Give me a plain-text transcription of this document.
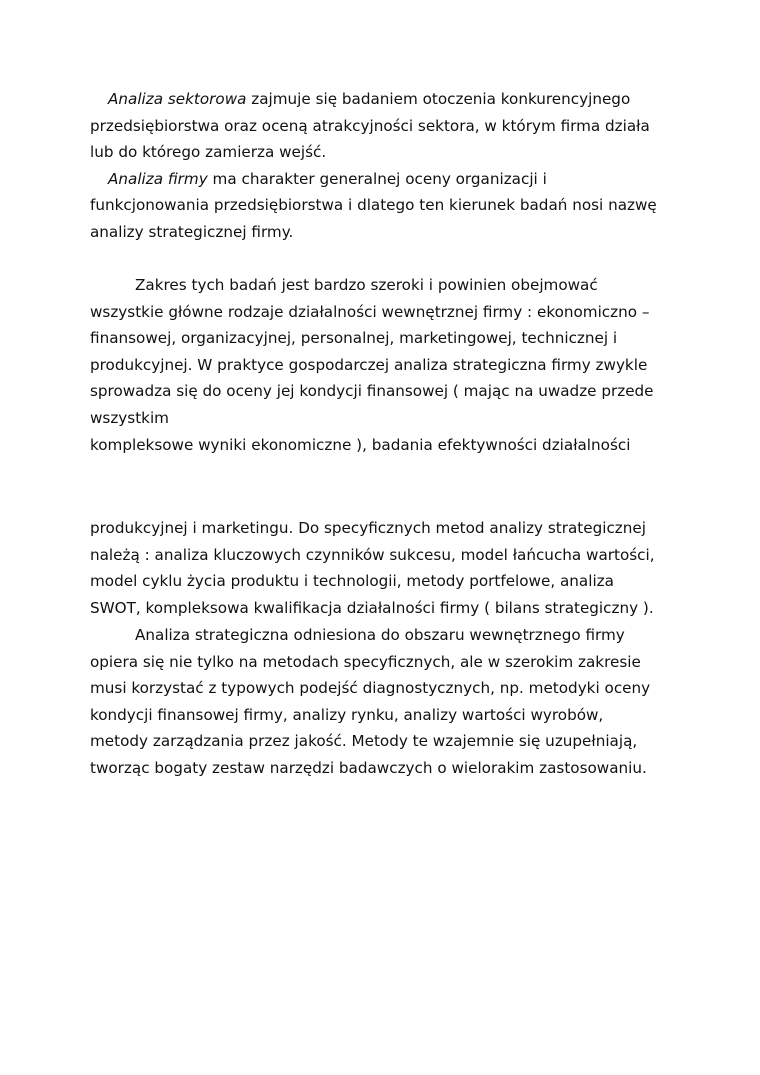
Analiza sektorowa zajmuje się badaniem otoczenia konkurencyjnego
przedsiębiorstwa oraz oceną atrakcyjności sektora, w którym firma działa
lub do którego zamierza wejść.
Analiza firmy ma charakter generalnej oceny organizacji i
funkcjonowania przedsiębiorstwa i dlatego ten kierunek badań nosi nazwę
analizy strategicznej firmy.
Zakres tych badań jest bardzo szeroki i powinien obejmować
wszystkie główne rodzaje działalności wewnętrznej firmy : ekonomiczno –
finansowej, organizacyjnej, personalnej, marketingowej, technicznej i
produkcyjnej. W praktyce gospodarczej analiza strategiczna firmy zwykle
sprowadza się do oceny jej kondycji finansowej ( mając na uwadze przede
wszystkim
kompleksowe wyniki ekonomiczne ), badania efektywności działalności
produkcyjnej i marketingu. Do specyficznych metod analizy strategicznej
należą : analiza kluczowych czynników sukcesu, model łańcucha wartości,
model cyklu życia produktu i technologii, metody portfelowe, analiza
SWOT, kompleksowa kwalifikacja działalności firmy ( bilans strategiczny ).
Analiza strategiczna odniesiona do obszaru wewnętrznego firmy
opiera się nie tylko na metodach specyficznych, ale w szerokim zakresie
musi korzystać z typowych podejść diagnostycznych, np. metodyki oceny
kondycji finansowej firmy, analizy rynku, analizy wartości wyrobów,
metody zarządzania przez jakość. Metody te wzajemnie się uzupełniają,
tworząc bogaty zestaw narzędzi badawczych o wielorakim zastosowaniu.
